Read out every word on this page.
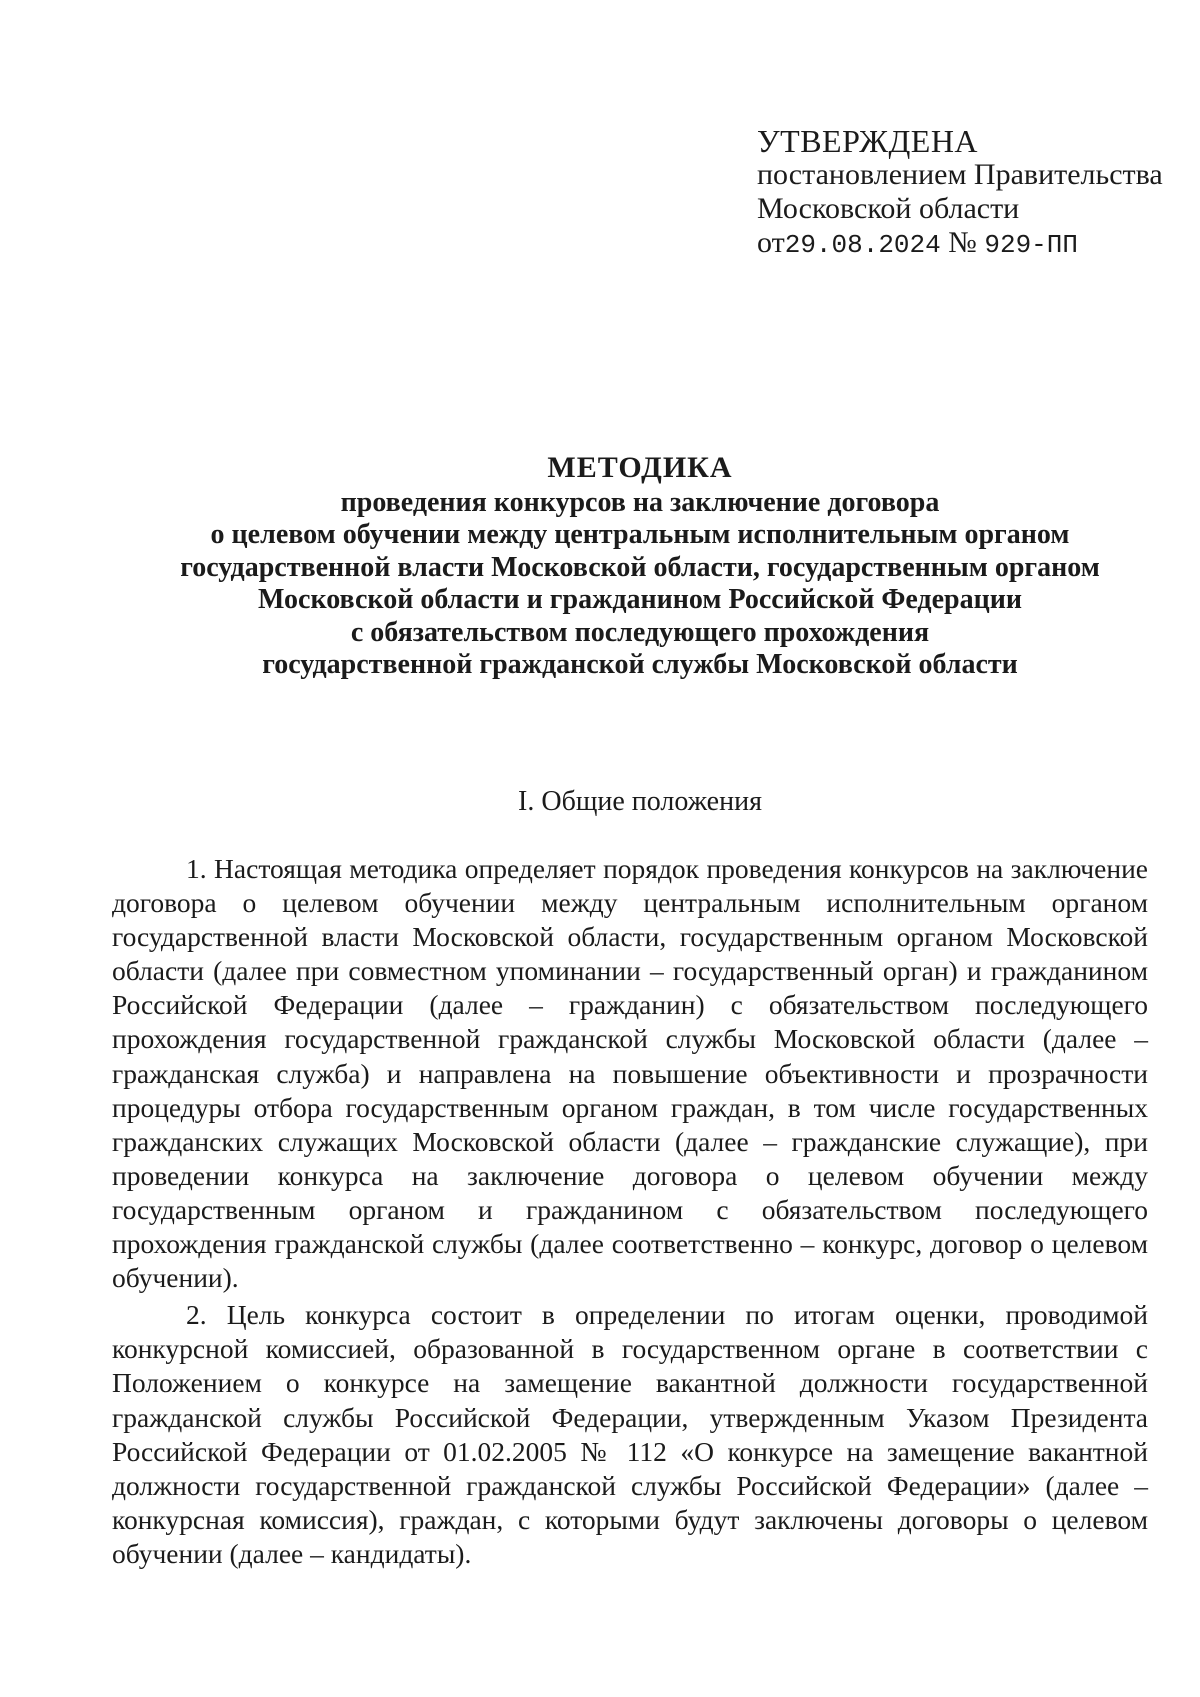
УТВЕРЖДЕНА
постановлением Правительства
Московской области
от29.08.2024 № 929-ПП
МЕТОДИКА
проведения конкурсов на заключение договора
о целевом обучении между центральным исполнительным органом
государственной власти Московской области, государственным органом
Московской области и гражданином Российской Федерации
с обязательством последующего прохождения
государственной гражданской службы Московской области
I. Общие положения

1. Настоящая методика определяет порядок проведения конкурсов на заключение договора о целевом обучении между центральным исполнительным органом государственной власти Московской области, государственным органом Московской области (далее при совместном упоминании – государственный орган) и гражданином Российской Федерации (далее – гражданин) с обязательством последующего прохождения государственной гражданской службы Московской области (далее – гражданская служба) и направлена на повышение объективности и прозрачности процедуры отбора государственным органом граждан, в том числе государственных гражданских служащих Московской области (далее – гражданские служащие), при проведении конкурса на заключение договора о целевом обучении между государственным органом и гражданином с обязательством последующего прохождения гражданской службы (далее соответственно – конкурс, договор о целевом обучении).

2. Цель конкурса состоит в определении по итогам оценки, проводимой конкурсной комиссией, образованной в государственном органе в соответствии с Положением о конкурсе на замещение вакантной должности государственной гражданской службы Российской Федерации, утвержденным Указом Президента Российской Федерации от 01.02.2005 № 112 «О конкурсе на замещение вакантной должности государственной гражданской службы Российской Федерации» (далее – конкурсная комиссия), граждан, с которыми будут заключены договоры о целевом обучении (далее – кандидаты).
